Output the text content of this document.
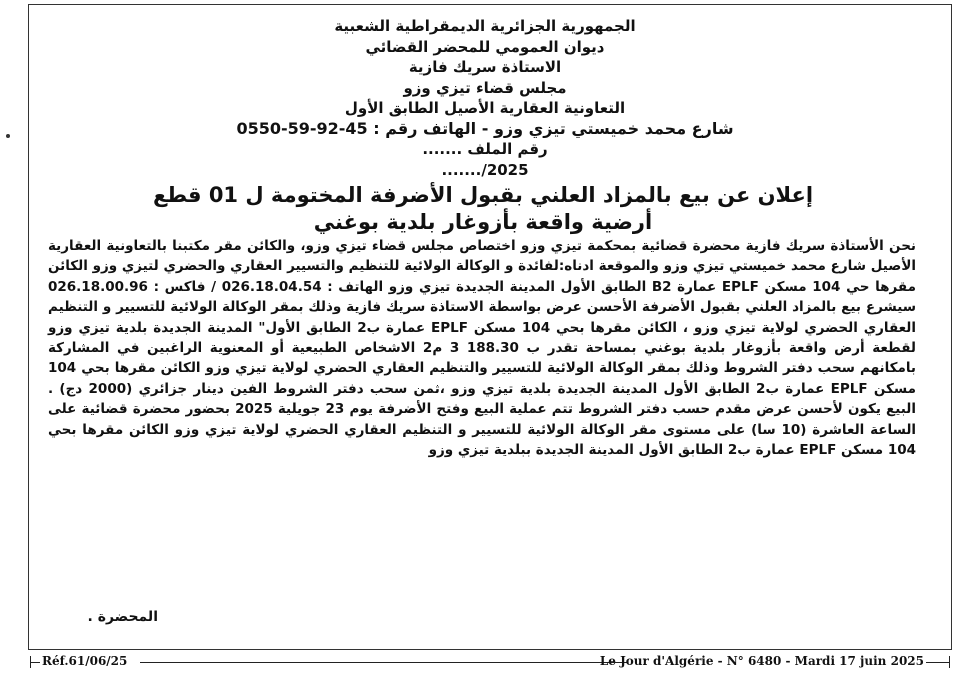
الجمهورية الجزائرية الديمقراطية الشعبية
ديوان العمومي للمحضر القضائي
الاستاذة سريك فازية
مجلس قضاء تيزي وزو
التعاونية العقارية الأصيل الطابق الأول
شارع محمد خميستي تيزي وزو - الهاتف رقم : 45-92-59-0550
رقم الملف .......
2025/.......
إعلان عن بيع بالمزاد العلني بقبول الأضرفة المختومة ل 01 قطع
أرضية واقعة بأزوغار بلدية بوغني

نحن الأستاذة سريك فازية محضرة قضائية بمحكمة تيزي وزو اختصاص مجلس قضاء تيزي وزو، والكائن مقر مكتبنا بالتعاونية العقارية الأصيل شارع محمد خميستي تيزي وزو والموقعة ادناه:لفائدة و الوكالة الولائية للتنظيم والتسيير العقاري والحضري لتيزي وزو الكائن مقرها حي 104 مسكن EPLF عمارة B2 الطابق الأول المدينة الجديدة تيزي وزو الهاتف : 026.18.04.54 / فاكس : 026.18.00.96 سيشرع بيع بالمزاد العلني بقبول الأضرفة الأحسن عرض بواسطة الاستاذة سريك فازية وذلك بمقر الوكالة الولائية للتسيير و التنظيم العقاري الحضري لولاية تيزي وزو ، الكائن مقرها بحي 104 مسكن EPLF عمارة ب2 الطابق الأول" المدينة الجديدة بلدية تيزي وزو لقطعة أرض واقعة بأزوغار بلدية بوغني بمساحة تقدر ب 188.30 3 م2 الاشخاص الطبيعية أو المعنوية الراغبين في المشاركة بامكانهم سحب دفتر الشروط وذلك بمقر الوكالة الولائية للتسيير والتنظيم العقاري الحضري لولاية تيزي وزو الكائن مقرها بحي 104 مسكن EPLF عمارة ب2 الطابق الأول المدينة الجديدة بلدية تيزي وزو ،ثمن سحب دفتر الشروط الفين دينار جزائري (2000 دج) . البيع يكون لأحسن عرض مقدم حسب دفتر الشروط تتم عملية البيع وفتح الأضرفة يوم 23 جويلية 2025 بحضور محضرة قضائية على الساعة العاشرة (10 سا) على مستوى مقر الوكالة الولائية للتسيير و التنظيم العقاري الحضري لولاية تيزي وزو الكائن مقرها بحي 104 مسكن EPLF عمارة ب2 الطابق الأول المدينة الجديدة ببلدية تيزي وزو

المحضرة .
Réf.61/06/25	Le Jour d'Algérie - N° 6480 - Mardi 17 juin 2025
